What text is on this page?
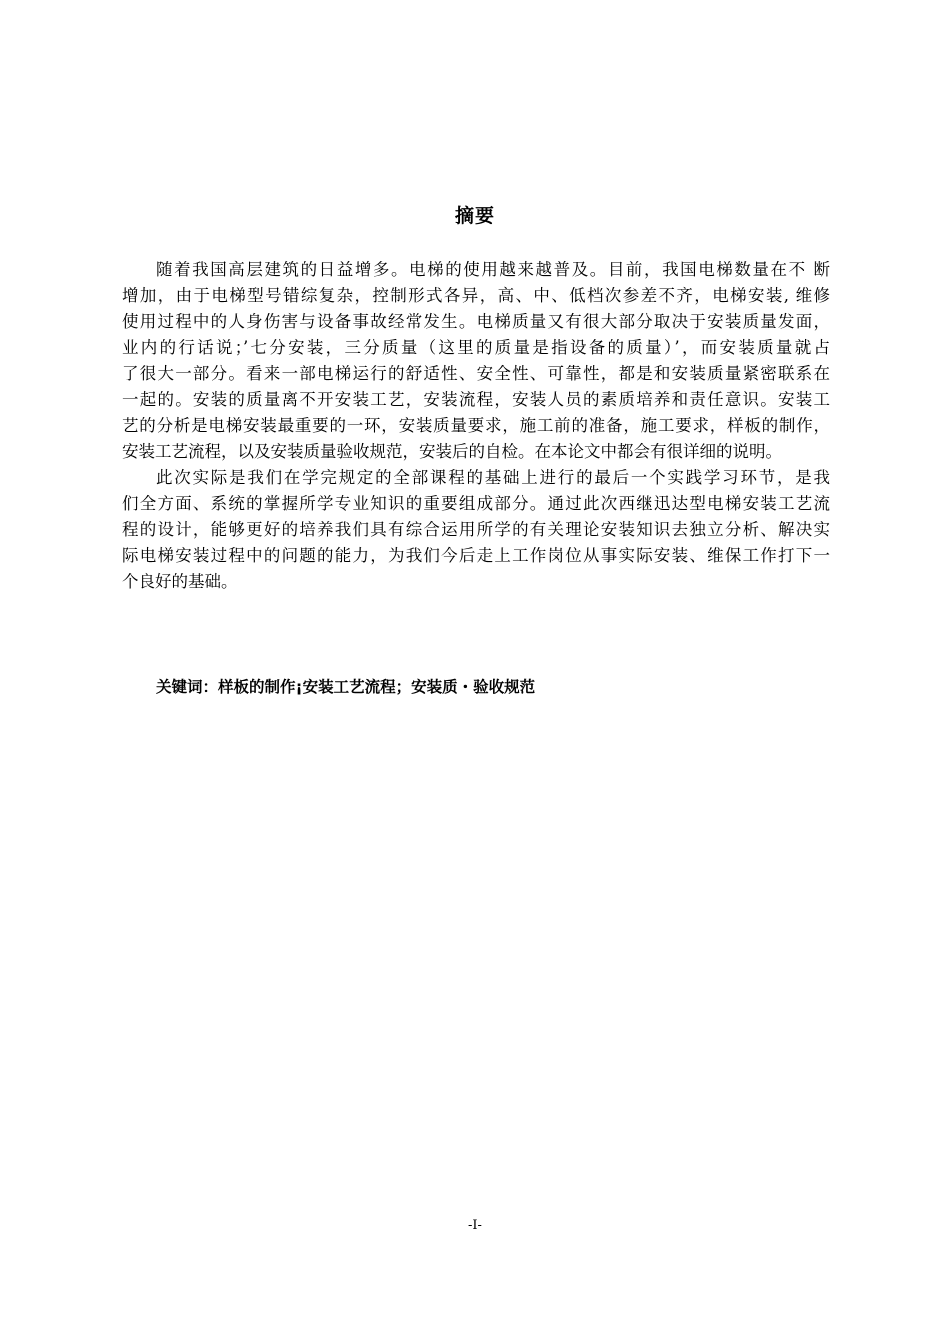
摘要
随着我国高层建筑的日益增多。电梯的使用越来越普及。目前，我国电梯数量在不 断
增加，由于电梯型号错综复杂，控制形式各异，高、中、低档次参差不齐，电梯安装, 维修
使用过程中的人身伤害与设备事故经常发生。电梯质量又有很大部分取决于安装质量发面，
业内的行话说；’七分安装，三分质量（这里的质量是指设备的质量）’，而安装质量就占
了很大一部分。看来一部电梯运行的舒适性、安全性、可靠性，都是和安装质量紧密联系在
一起的。安装的质量离不开安装工艺，安装流程，安装人员的素质培养和责任意识。安装工
艺的分析是电梯安装最重要的一环，安装质量要求，施工前的准备，施工要求，样板的制作，
安装工艺流程，以及安装质量验收规范，安装后的自检。在本论文中都会有很详细的说明。
此次实际是我们在学完规定的全部课程的基础上进行的最后一个实践学习环节，是我
们全方面、系统的掌握所学专业知识的重要组成部分。通过此次西继迅达型电梯安装工艺流
程的设计，能够更好的培养我们具有综合运用所学的有关理论安装知识去独立分析、解决实
际电梯安装过程中的问题的能力，为我们今后走上工作岗位从事实际安装、维保工作打下一
个良好的基础。
关键词：样板的制作¡安装工艺流程；安装质・验收规范
-I-
